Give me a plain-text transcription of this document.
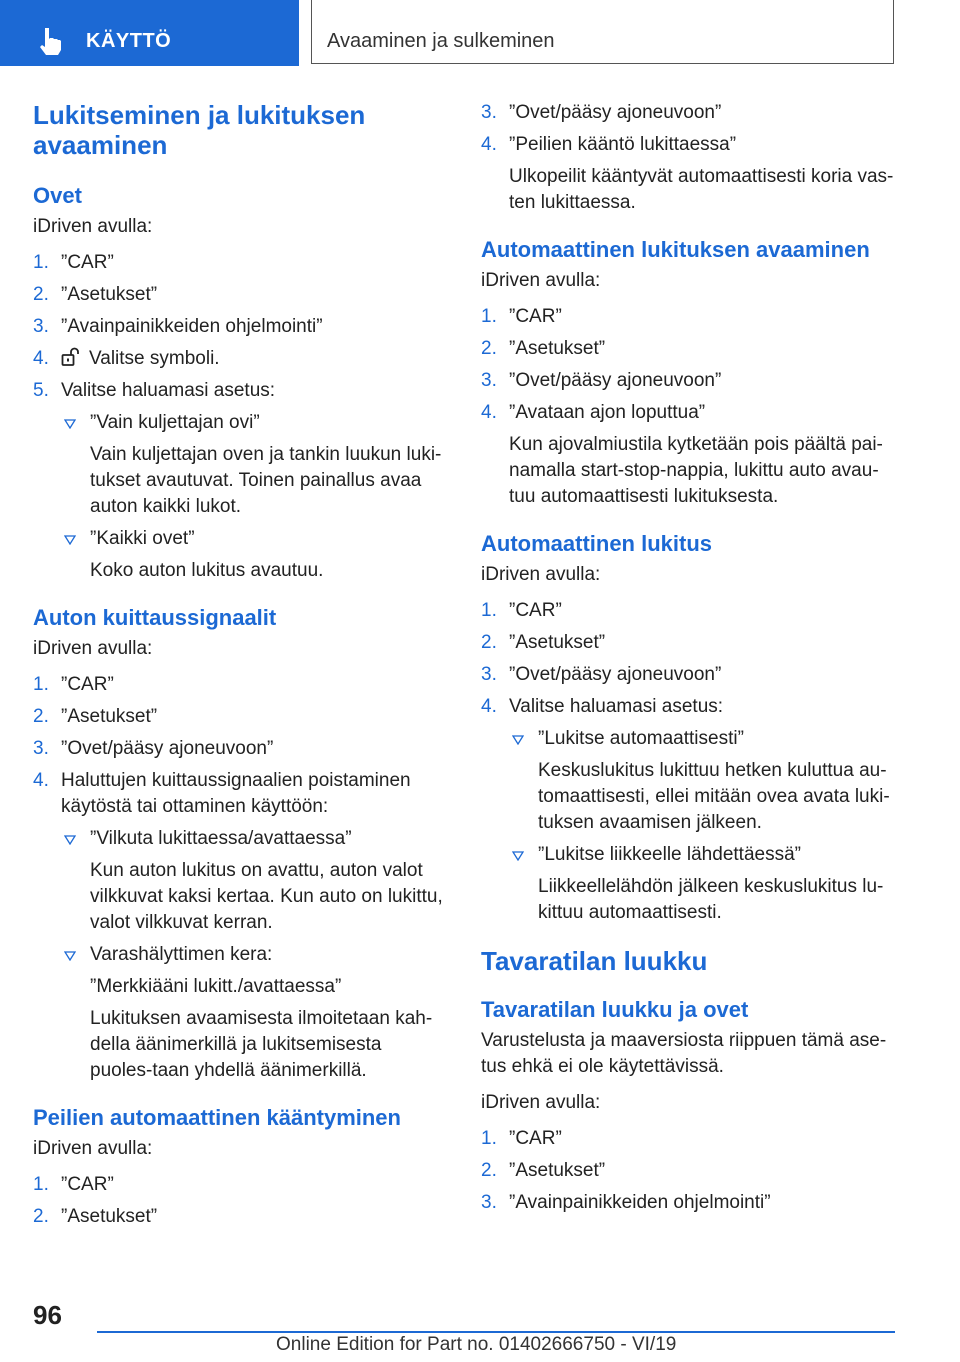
KÄYTTÖ	Avaaminen ja sulkeminen
Lukitseminen ja lukituksen avaaminen
Ovet

iDriven avulla:

1. ”CAR”
2. ”Asetukset”
3. ”Avainpainikkeiden ohjelmointi”
4. Valitse symboli.
5. Valitse haluamasi asetus:
”Vain kuljettajan ovi”
Vain kuljettajan oven ja tankin luukun luki-tukset avautuvat. Toinen painallus avaa auton kaikki lukot.
”Kaikki ovet”
Koko auton lukitus avautuu.
Auton kuittaussignaalit

iDriven avulla:

1. ”CAR”
2. ”Asetukset”
3. ”Ovet/pääsy ajoneuvoon”
4. Haluttujen kuittaussignaalien poistaminen käytöstä tai ottaminen käyttöön:
”Vilkuta lukittaessa/avattaessa”
Kun auton lukitus on avattu, auton valot vilkkuvat kaksi kertaa. Kun auto on lukittu, valot vilkkuvat kerran.
Varashälyttimen kera:
”Merkkiääni lukitt./avattaessa”
Lukituksen avaamisesta ilmoitetaan kah-della äänimerkillä ja lukitsemisesta puoles-taan yhdellä äänimerkillä.
Peilien automaattinen kääntyminen

iDriven avulla:

1. ”CAR”
2. ”Asetukset”
3. ”Ovet/pääsy ajoneuvoon”
4. ”Peilien kääntö lukittaessa”
Ulkopeilit kääntyvät automaattisesti koria vas-ten lukittaessa.
Automaattinen lukituksen avaaminen

iDriven avulla:

1. ”CAR”
2. ”Asetukset”
3. ”Ovet/pääsy ajoneuvoon”
4. ”Avataan ajon loputtua”
Kun ajovalmiustila kytketään pois päältä pai-namalla start-stop-nappia, lukittu auto avau-tuu automaattisesti lukituksesta.
Automaattinen lukitus

iDriven avulla:

1. ”CAR”
2. ”Asetukset”
3. ”Ovet/pääsy ajoneuvoon”
4. Valitse haluamasi asetus:
”Lukitse automaattisesti”
Keskuslukitus lukittuu hetken kuluttua au-tomaattisesti, ellei mitään ovea avata luki-tuksen avaamisen jälkeen.
”Lukitse liikkeelle lähdettäessä”
Liikkeellelähdön jälkeen keskuslukitus lu-kittuu automaattisesti.
Tavaratilan luukku
Tavaratilan luukku ja ovet

Varustelusta ja maaversiosta riippuen tämä ase-tus ehkä ei ole käytettävissä.

iDriven avulla:

1. ”CAR”
2. ”Asetukset”
3. ”Avainpainikkeiden ohjelmointi”
96
Online Edition for Part no. 01402666750 - VI/19
